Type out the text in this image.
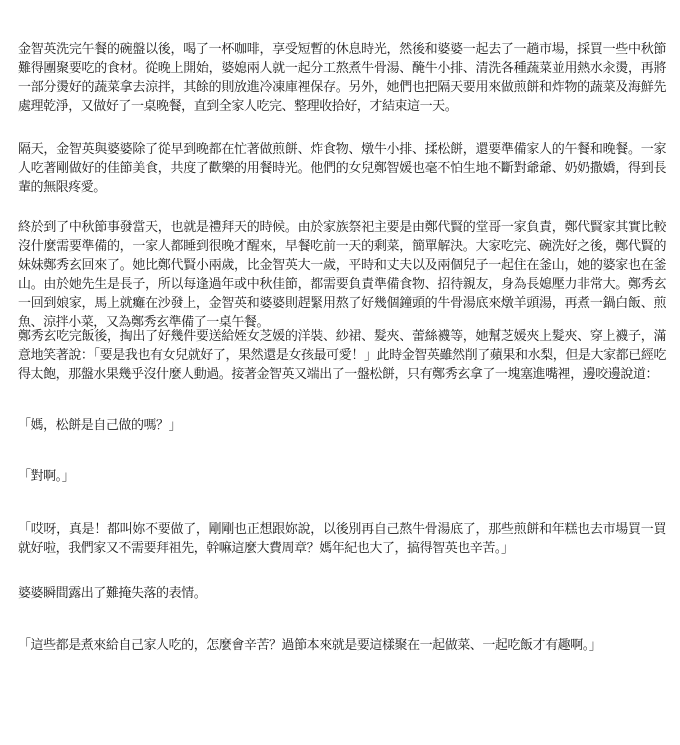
金智英洗完午餐的碗盤以後，喝了一杯咖啡，享受短暫的休息時光，然後和婆婆一起去了一趟市場，採買一些中秋節難得團聚要吃的食材。從晚上開始，婆媳兩人就一起分工熬煮牛骨湯、醃牛小排、清洗各種蔬菜並用熱水汆燙，再將一部分燙好的蔬菜拿去涼拌，其餘的則放進冷凍庫裡保存。另外，她們也把隔天要用來做煎餅和炸物的蔬菜及海鮮先處理乾淨，又做好了一桌晚餐，直到全家人吃完、整理收拾好，才結束這一天。

隔天，金智英與婆婆除了從早到晚都在忙著做煎餅、炸食物、燉牛小排、揉松餅，還要準備家人的午餐和晚餐。一家人吃著剛做好的佳節美食，共度了歡樂的用餐時光。他們的女兒鄭智媛也毫不怕生地不斷對爺爺、奶奶撒嬌，得到長輩的無限疼愛。

終於到了中秋節事發當天，也就是禮拜天的時候。由於家族祭祀主要是由鄭代賢的堂哥一家負責，鄭代賢家其實比較沒什麼需要準備的，一家人都睡到很晚才醒來，早餐吃前一天的剩菜，簡單解決。大家吃完、碗洗好之後，鄭代賢的妹妹鄭秀玄回來了。她比鄭代賢小兩歲，比金智英大一歲，平時和丈夫以及兩個兒子一起住在釜山，她的婆家也在釜山。由於她先生是長子，所以每逢過年或中秋佳節，都需要負責準備食物、招待親友，身為長媳壓力非常大。鄭秀玄一回到娘家，馬上就癱在沙發上，金智英和婆婆則趕緊用熬了好幾個鐘頭的牛骨湯底來燉羊頭湯，再煮一鍋白飯、煎魚、涼拌小菜，又為鄭秀玄準備了一桌午餐。

鄭秀玄吃完飯後，掏出了好幾件要送給姪女芝媛的洋裝、紗裙、髮夾、蕾絲襪等，她幫芝媛夾上髮夾、穿上襪子，滿意地笑著說：「要是我也有女兒就好了，果然還是女孩最可愛！」此時金智英雖然削了蘋果和水梨，但是大家都已經吃得太飽，那盤水果幾乎沒什麼人動過。接著金智英又端出了一盤松餅，只有鄭秀玄拿了一塊塞進嘴裡，邊咬邊說道：

「媽，松餅是自己做的嗎？」

「對啊。」

「哎呀，真是！都叫妳不要做了，剛剛也正想跟妳說，以後別再自己熬牛骨湯底了，那些煎餅和年糕也去市場買一買就好啦，我們家又不需要拜祖先，幹嘛這麼大費周章？媽年紀也大了，搞得智英也辛苦。」

婆婆瞬間露出了難掩失落的表情。

「這些都是煮來給自己家人吃的，怎麼會辛苦？過節本來就是要這樣聚在一起做菜、一起吃飯才有趣啊。」
